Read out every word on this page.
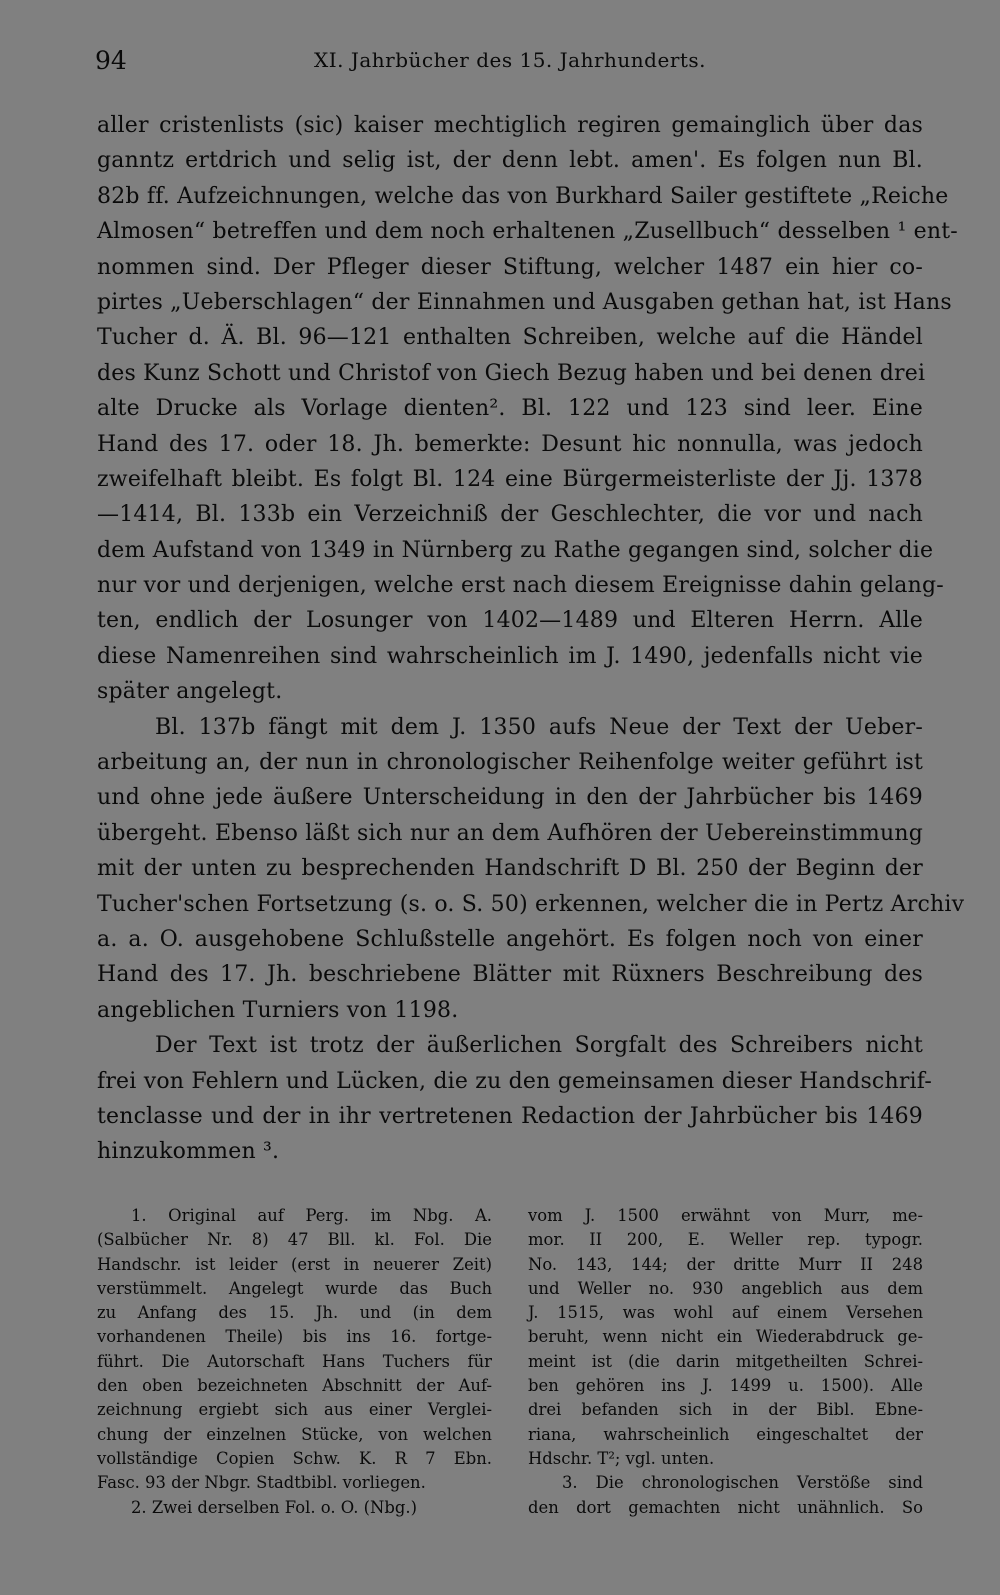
94	XI. Jahrbücher des 15. Jahrhunderts.
aller cristenlists (sic) kaiser mechtiglich regiren gemainglich über das
ganntz ertdrich und selig ist, der denn lebt. amen'. Es folgen nun Bl.
82b ff. Aufzeichnungen, welche das von Burkhard Sailer gestiftete „Reiche
Almosen“ betreffen und dem noch erhaltenen „Zusellbuch“ desselben ¹ ent-
nommen sind. Der Pfleger dieser Stiftung, welcher 1487 ein hier co-
pirtes „Ueberschlagen“ der Einnahmen und Ausgaben gethan hat, ist Hans
Tucher d. Ä. Bl. 96—121 enthalten Schreiben, welche auf die Händel
des Kunz Schott und Christof von Giech Bezug haben und bei denen drei
alte Drucke als Vorlage dienten². Bl. 122 und 123 sind leer. Eine
Hand des 17. oder 18. Jh. bemerkte: Desunt hic nonnulla, was jedoch
zweifelhaft bleibt. Es folgt Bl. 124 eine Bürgermeisterliste der Jj. 1378
—1414, Bl. 133b ein Verzeichniß der Geschlechter, die vor und nach
dem Aufstand von 1349 in Nürnberg zu Rathe gegangen sind, solcher die
nur vor und derjenigen, welche erst nach diesem Ereignisse dahin gelang-
ten, endlich der Losunger von 1402—1489 und Elteren Herrn. Alle
diese Namenreihen sind wahrscheinlich im J. 1490, jedenfalls nicht vie
später angelegt.
Bl. 137b fängt mit dem J. 1350 aufs Neue der Text der Ueber-
arbeitung an, der nun in chronologischer Reihenfolge weiter geführt ist
und ohne jede äußere Unterscheidung in den der Jahrbücher bis 1469
übergeht. Ebenso läßt sich nur an dem Aufhören der Uebereinstimmung
mit der unten zu besprechenden Handschrift D Bl. 250 der Beginn der
Tucher'schen Fortsetzung (s. o. S. 50) erkennen, welcher die in Pertz Archiv
a. a. O. ausgehobene Schlußstelle angehört. Es folgen noch von einer
Hand des 17. Jh. beschriebene Blätter mit Rüxners Beschreibung des
angeblichen Turniers von 1198.
Der Text ist trotz der äußerlichen Sorgfalt des Schreibers nicht
frei von Fehlern und Lücken, die zu den gemeinsamen dieser Handschrif-
tenclasse und der in ihr vertretenen Redaction der Jahrbücher bis 1469
hinzukommen ³.
1. Original auf Perg. im Nbg. A.
(Salbücher Nr. 8) 47 Bll. kl. Fol. Die
Handschr. ist leider (erst in neuerer Zeit)
verstümmelt. Angelegt wurde das Buch
zu Anfang des 15. Jh. und (in dem
vorhandenen Theile) bis ins 16. fortge-
führt. Die Autorschaft Hans Tuchers für
den oben bezeichneten Abschnitt der Auf-
zeichnung ergiebt sich aus einer Verglei-
chung der einzelnen Stücke, von welchen
vollständige Copien Schw. K. R 7 Ebn.
Fasc. 93 der Nbgr. Stadtbibl. vorliegen.
2. Zwei derselben Fol. o. O. (Nbg.)
vom J. 1500 erwähnt von Murr, me-
mor. II 200, E. Weller rep. typogr.
No. 143, 144; der dritte Murr II 248
und Weller no. 930 angeblich aus dem
J. 1515, was wohl auf einem Versehen
beruht, wenn nicht ein Wiederabdruck ge-
meint ist (die darin mitgetheilten Schrei-
ben gehören ins J. 1499 u. 1500). Alle
drei befanden sich in der Bibl. Ebne-
riana, wahrscheinlich eingeschaltet der
Hdschr. T²; vgl. unten.
3. Die chronologischen Verstöße sind
den dort gemachten nicht unähnlich. So
